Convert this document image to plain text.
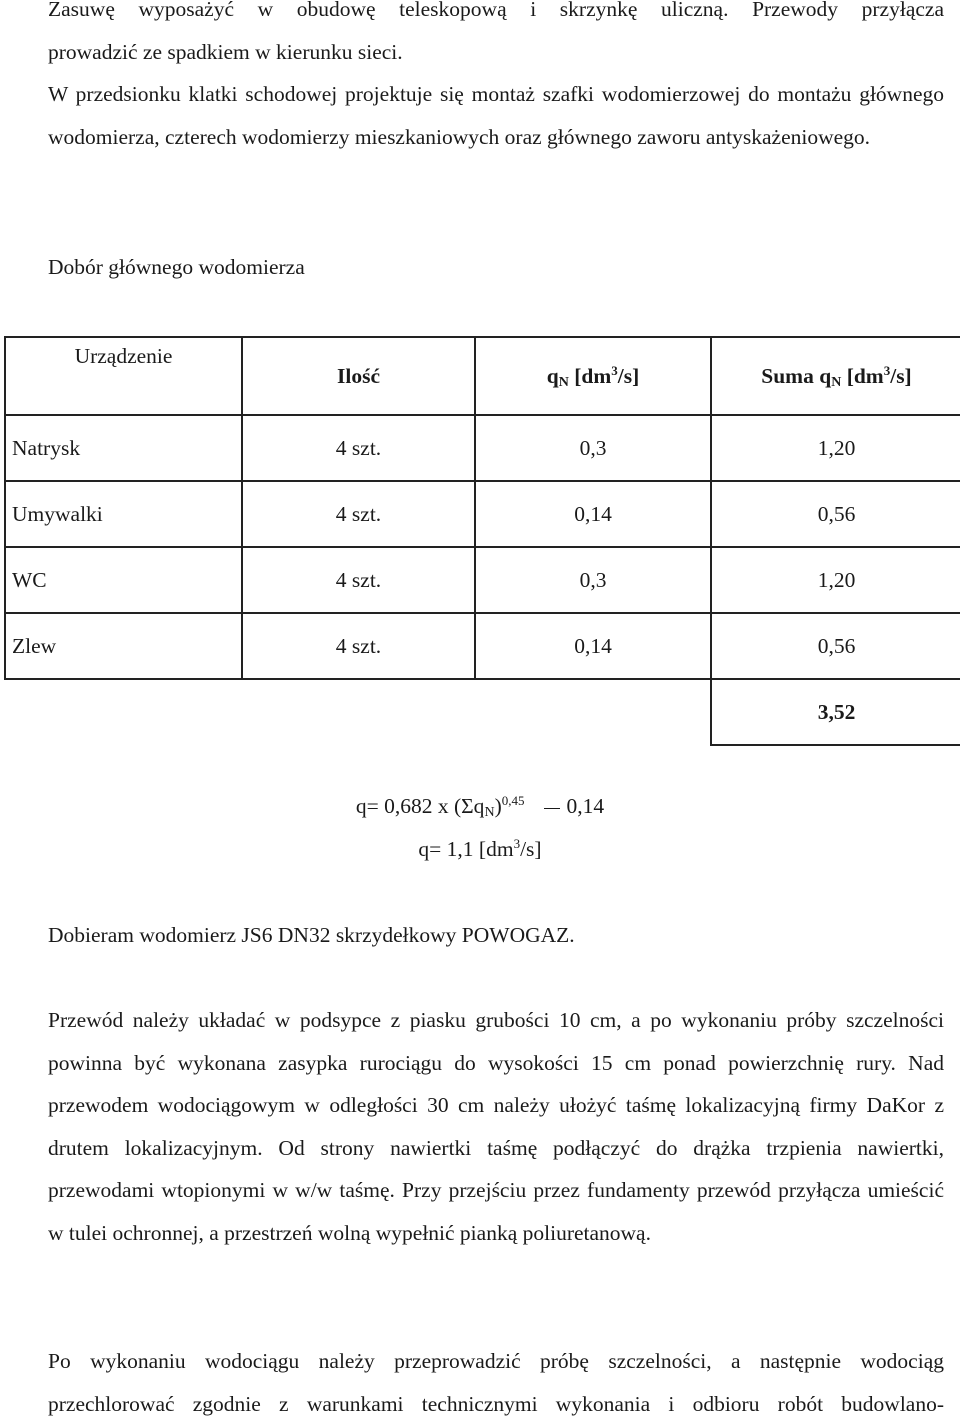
Zasuwę wyposażyć w obudowę teleskopową i skrzynkę uliczną. Przewody przyłącza

prowadzić ze spadkiem w kierunku sieci.

W przedsionku klatki schodowej projektuje się montaż szafki wodomierzowej do montażu głównego wodomierza, czterech wodomierzy mieszkaniowych oraz głównego zaworu antyskażeniowego.

Dobór głównego wodomierza

Urządzenie	Ilość	$q_N$ $[dm^3/s]$	Suma $q_N$ $[dm^3/s]$
Natrysk	4 szt.	0,3	1,20
Umywalki	4 szt.	0,14	0,56
WC	4 szt.	0,3	1,20
Zlew	4 szt.	0,14	0,56
			3,52

q= 0,682 x $(\Sigma q_N)^{0,45}$ 0,14

q= 1,1 $[dm^3/s]$

Dobieram wodomierz JS6 DN32 skrzydełkowy POWOGAZ.

Przewód należy układać w podsypce z piasku grubości 10 cm, a po wykonaniu próby szczelności powinna być wykonana zasypka rurociągu do wysokości 15 cm ponad powierzchnię rury. Nad przewodem wodociągowym w odległości 30 cm należy ułożyć taśmę lokalizacyjną firmy DaKor z drutem lokalizacyjnym. Od strony nawiertki taśmę podłączyć do drążka trzpienia nawiertki, przewodami wtopionymi w w/w taśmę. Przy przejściu przez fundamenty przewód przyłącza umieścić w tulei ochronnej, a przestrzeń wolną wypełnić pianką poliuretanową.

Po wykonaniu wodociągu należy przeprowadzić próbę szczelności, a następnie wodociąg przechlorować zgodnie z warunkami technicznymi wykonania i odbioru robót budowlano-
